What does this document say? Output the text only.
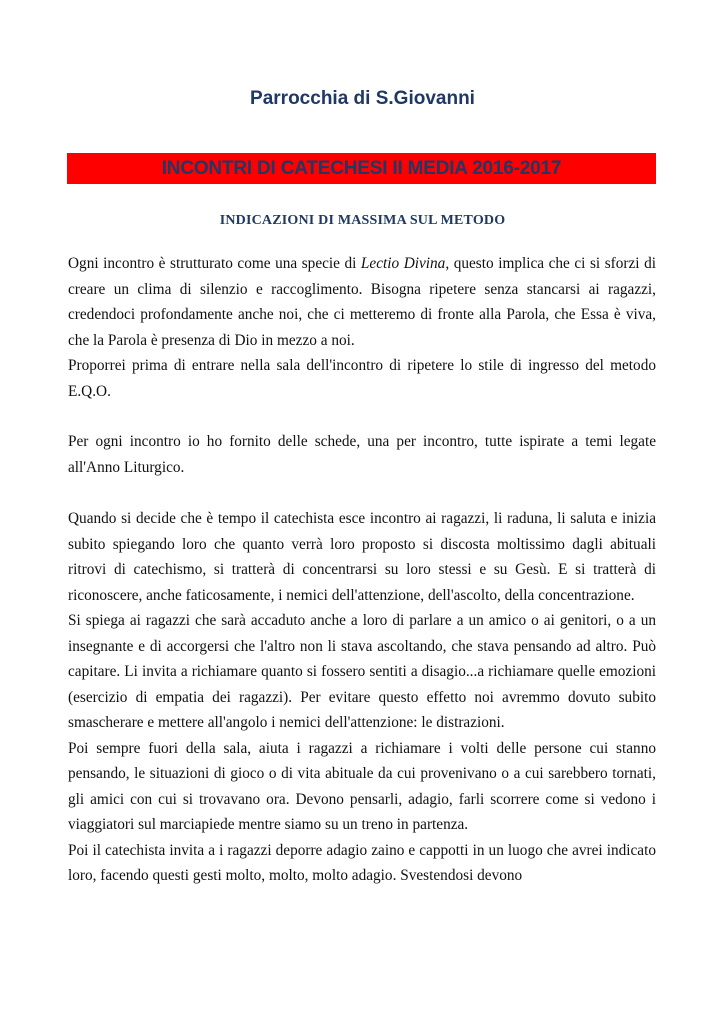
Parrocchia di S.Giovanni
INCONTRI DI CATECHESI II MEDIA 2016-2017
INDICAZIONI DI MASSIMA SUL METODO
Ogni incontro è strutturato come una specie di Lectio Divina, questo implica che ci si sforzi di creare un clima di silenzio e raccoglimento. Bisogna ripetere senza stancarsi ai ragazzi, credendoci profondamente anche noi, che ci metteremo di fronte alla Parola, che Essa è viva, che la Parola è presenza di Dio in mezzo a noi.
Proporrei prima di entrare nella sala dell'incontro di ripetere lo stile di ingresso del metodo E.Q.O.
Per ogni incontro io ho fornito delle schede, una per incontro, tutte ispirate a temi legate all'Anno Liturgico.
Quando si decide che è tempo il catechista esce incontro ai ragazzi, li raduna, li saluta e inizia subito spiegando loro che quanto verrà loro proposto si discosta moltissimo dagli abituali ritrovi di catechismo, si tratterà di concentrarsi su loro stessi e su Gesù. E si tratterà di riconoscere, anche faticosamente, i nemici dell'attenzione, dell'ascolto, della concentrazione.
Si spiega ai ragazzi che sarà accaduto anche a loro di parlare a un amico o ai genitori, o a un insegnante e di accorgersi che l'altro non li stava ascoltando, che stava pensando ad altro. Può capitare. Li invita a richiamare quanto si fossero sentiti a disagio...a richiamare quelle emozioni (esercizio di empatia dei ragazzi). Per evitare questo effetto noi avremmo dovuto subito smascherare e mettere all'angolo i nemici dell'attenzione: le distrazioni.
Poi sempre fuori della sala, aiuta i ragazzi a richiamare i volti delle persone cui stanno pensando, le situazioni di gioco o di vita abituale da cui provenivano o a cui sarebbero tornati, gli amici con cui si trovavano ora. Devono pensarli, adagio, farli scorrere come si vedono i viaggiatori sul marciapiede mentre siamo su un treno in partenza.
Poi il catechista invita a i ragazzi deporre adagio zaino e cappotti in un luogo che avrei indicato loro, facendo questi gesti molto, molto, molto adagio. Svestendosi devono
